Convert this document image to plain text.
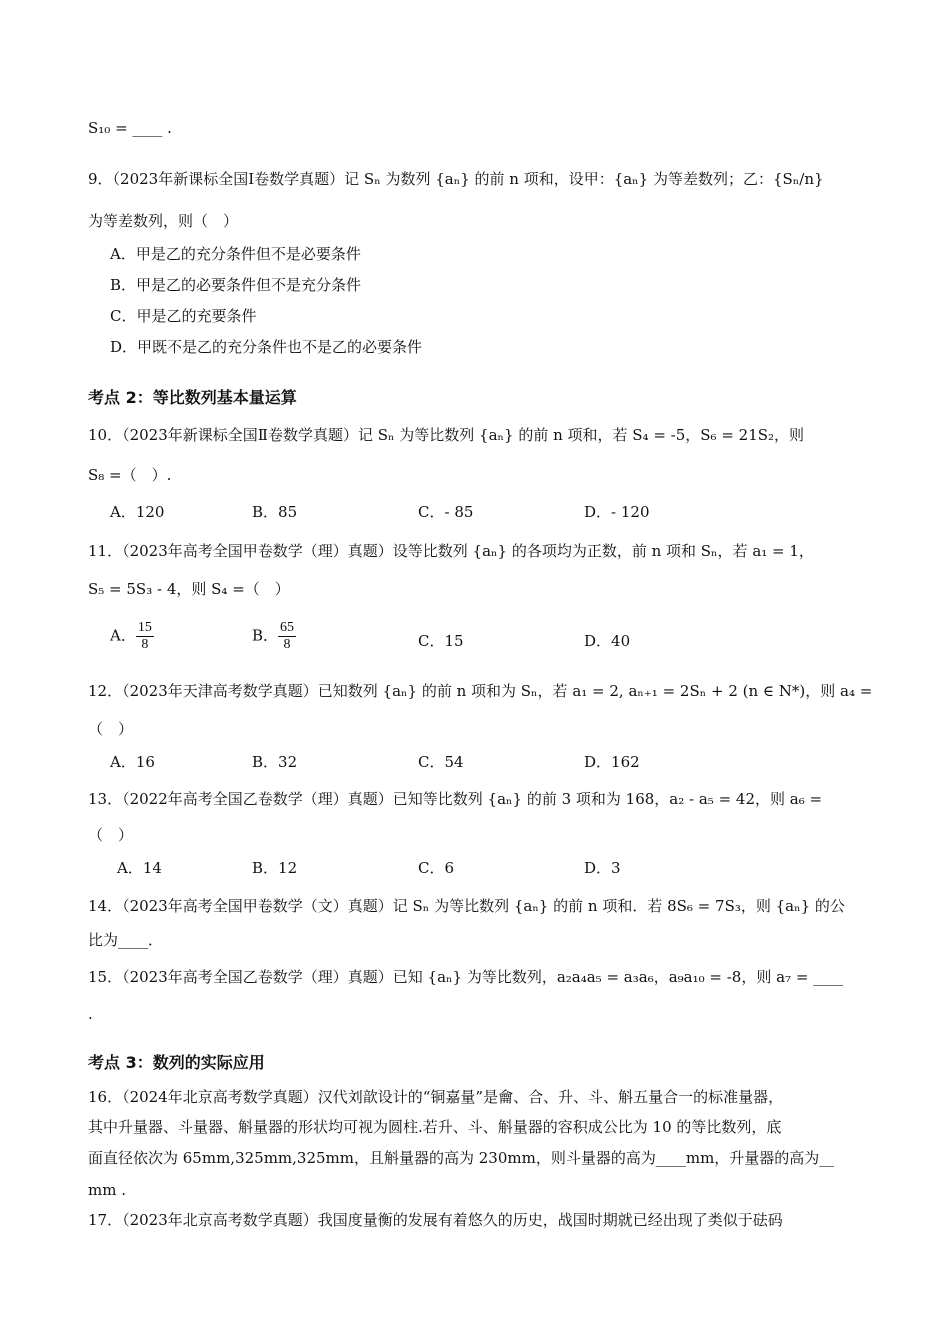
S₁₀ = ____ .
9．（2023年新课标全国Ⅰ卷数学真题）记 Sₙ 为数列 {aₙ} 的前 n 项和，设甲：{aₙ} 为等差数列；乙：{Sₙ/n}
为等差数列，则（　）
A．甲是乙的充分条件但不是必要条件
B．甲是乙的必要条件但不是充分条件
C．甲是乙的充要条件
D．甲既不是乙的充分条件也不是乙的必要条件
考点 2：等比数列基本量运算
10．（2023年新课标全国Ⅱ卷数学真题）记 Sₙ 为等比数列 {aₙ} 的前 n 项和，若 S₄ = -5，S₆ = 21S₂，则
S₈ =（　）.
A．120	B．85	C．- 85	D．- 120
11．（2023年高考全国甲卷数学（理）真题）设等比数列 {aₙ} 的各项均为正数，前 n 项和 Sₙ，若 a₁ = 1，
S₅ = 5S₃ - 4，则 S₄ =（　）
A． $\frac{15}{8}$	B． $\frac{65}{8}$	C．15	D．40
12．（2023年天津高考数学真题）已知数列 {aₙ} 的前 n 项和为 Sₙ，若 a₁ = 2, aₙ₊₁ = 2Sₙ + 2 (n ∈ N*)，则 a₄ =
（　）
A．16	B．32	C．54	D．162
13．（2022年高考全国乙卷数学（理）真题）已知等比数列 {aₙ} 的前 3 项和为 168，a₂ - a₅ = 42，则 a₆ =
（　）
A．14	B．12	C．6	D．3
14．（2023年高考全国甲卷数学（文）真题）记 Sₙ 为等比数列 {aₙ} 的前 n 项和．若 8S₆ = 7S₃，则 {aₙ} 的公
比为____．
15．（2023年高考全国乙卷数学（理）真题）已知 {aₙ} 为等比数列，a₂a₄a₅ = a₃a₆，a₉a₁₀ = -8，则 a₇ = ____
.
考点 3：数列的实际应用
16．（2024年北京高考数学真题）汉代刘歆设计的“铜嘉量”是龠、合、升、斗、斛五量合一的标准量器，
其中升量器、斗量器、斛量器的形状均可视为圆柱.若升、斗、斛量器的容积成公比为 10 的等比数列，底
面直径依次为 65mm,325mm,325mm，且斛量器的高为 230mm，则斗量器的高为____mm，升量器的高为__
mm .
17．（2023年北京高考数学真题）我国度量衡的发展有着悠久的历史，战国时期就已经出现了类似于砝码
